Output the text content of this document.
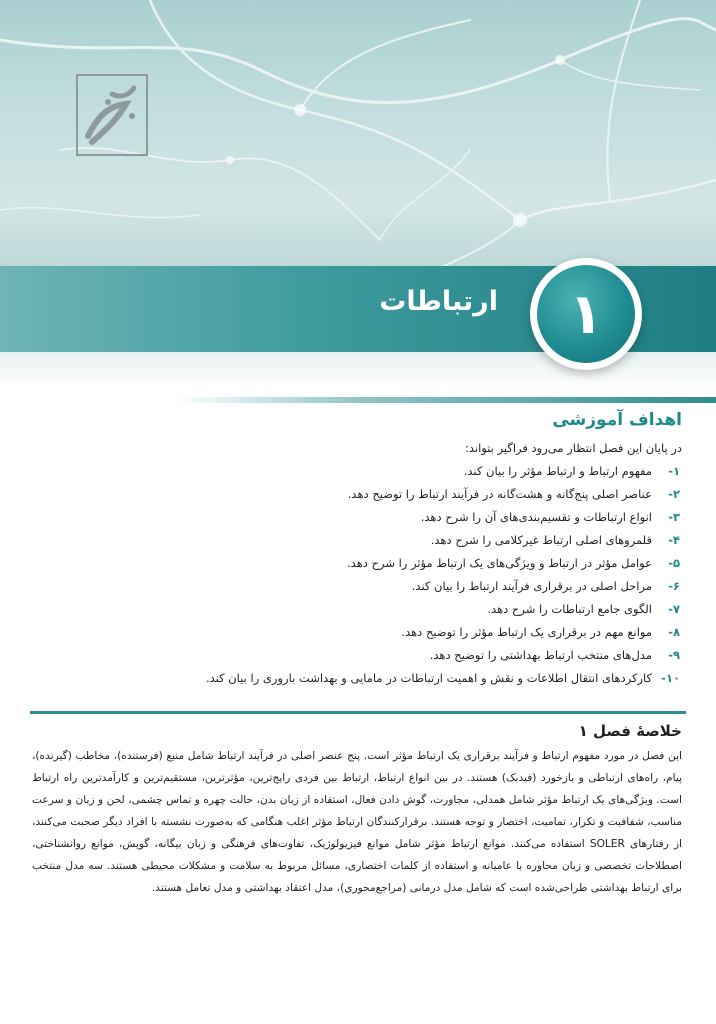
ارتباطات	۱
اهداف آموزشی
در پایان این فصل انتظار می‌رود فراگیر بتواند:
۱-
مفهوم ارتباط و ارتباط مؤثر را بیان کند.
۲-
عناصر اصلی پنج‌گانه و هشت‌گانه در فرآیند ارتباط را توضیح دهد.
۳-
انواع ارتباطات و تقسیم‌بندی‌های آن را شرح دهد.
۴-
قلمروهای اصلی ارتباط غیرکلامی را شرح دهد.
۵-
عوامل مؤثر در ارتباط و ویژگی‌های یک ارتباط مؤثر را شرح دهد.
۶-
مراحل اصلی در برقراری فرآیند ارتباط را بیان کند.
۷-
الگوی جامع ارتباطات را شرح دهد.
۸-
موانع مهم در برقراری یک ارتباط مؤثر را توضیح دهد.
۹-
مدل‌های منتخب ارتباط بهداشتی را توضیح دهد.
۱۰-
کارکردهای انتقال اطلاعات و نقش و اهمیت ارتباطات در مامایی و بهداشت باروری را بیان کند.
خلاصهٔ فصل ۱
این فصل در مورد مفهوم ارتباط و فرآیند برقراری یک ارتباط مؤثر است. پنج عنصر اصلی در فرآیند ارتباط شامل منبع (فرستنده)، مخاطب (گیرنده)، پیام، راه‌های ارتباطی و بازخورد (فیدبک) هستند. در بین انواع ارتباط، ارتباط بین فردی رایج‌ترین، مؤثرترین، مستقیم‌ترین و کارآمدترین راه ارتباط است. ویژگی‌های یک ارتباط مؤثر شامل همدلی، مجاورت، گوش دادن فعال، استفاده از زبان بدن، حالت چهره و تماس چشمی، لحن و زبان و سرعت مناسب، شفافیت و تکرار، تمامیت، اختصار و توجه هستند. برقرارکنندگان ارتباط مؤثر اغلب هنگامی که به‌صورت نشسته با افراد دیگر صحبت می‌کنند، از رفتارهای SOLER استفاده می‌کنند. موانع ارتباط مؤثر شامل موانع فیزیولوژیک، تفاوت‌های فرهنگی و زبان بیگانه، گویش، موانع روانشناختی، اصطلاحات تخصصی و زبان محاوره با عامیانه و استفاده از کلمات اختصاری، مسائل مربوط به سلامت و مشکلات محیطی هستند. سه مدل منتخب برای ارتباط بهداشتی طراحی‌شده است که شامل مدل درمانی (مراجع‌محوری)، مدل اعتقاد بهداشتی و مدل تعامل هستند.
